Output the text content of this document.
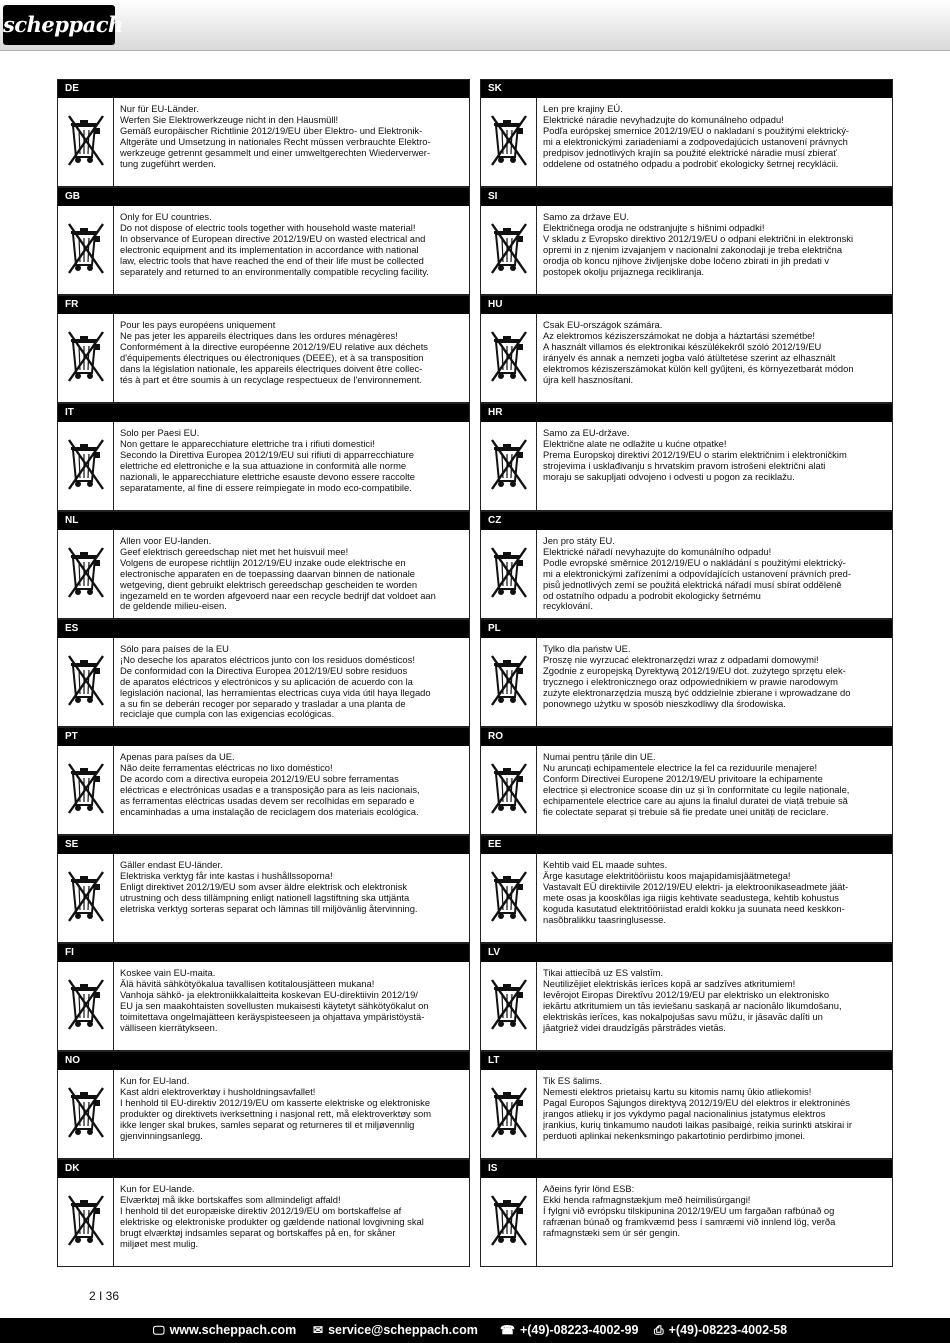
scheppach
DE
Nur für EU-Länder.
Werfen Sie Elektrowerkzeuge nicht in den Hausmüll!
Gemäß europäischer Richtlinie 2012/19/EU über Elektro- und Elektronik-
Altgeräte und Umsetzung in nationales Recht müssen verbrauchte Elektro-
werkzeuge getrennt gesammelt und einer umweltgerechten Wiederverwer-
tung zugeführt werden.
GB
Only for EU countries.
Do not dispose of electric tools together with household waste material!
In observance of European directive 2012/19/EU on wasted electrical and
electronic equipment and its implementation in accordance with national
law, electric tools that have reached the end of their life must be collected
separately and returned to an environmentally compatible recycling facility.
FR
Pour les pays européens uniquement
Ne pas jeter les appareils électriques dans les ordures ménagères!
Conformément à la directive européenne 2012/19/EU relative aux déchets
d'équipements électriques ou électroniques (DEEE), et à sa transposition
dans la législation nationale, les appareils électriques doivent être collec-
tés à part et être soumis à un recyclage respectueux de l'environnement.
IT
Solo per Paesi EU.
Non gettare le apparecchiature elettriche tra i rifiuti domestici!
Secondo la Direttiva Europea 2012/19/EU sui rifiuti di apparrecchiature
elettriche ed elettroniche e la sua attuazione in conformità alle norme
nazionali, le apparecchiature elettriche esauste devono essere raccolte
separatamente, al fine di essere reimpiegate in modo eco-compatibile.
NL
Allen voor EU-landen.
Geef elektrisch gereedschap niet met het huisvuil mee!
Volgens de europese richtlijn 2012/19/EU inzake oude elektrische en
electronische apparaten en de toepassing daarvan binnen de nationale
wetgeving, dient gebruikt elektrisch gereedschap gescheiden te worden
ingezameld en te worden afgevoerd naar een recycle bedrijf dat voldoet aan
de geldende milieu-eisen.
ES
Sólo para países de la EU
¡No deseche los aparatos eléctricos junto con los residuos domésticos!
De conformidad con la Directiva Europea 2012/19/EU sobre residuos
de aparatos eléctricos y electrónicos y su aplicación de acuerdo con la
legislación nacional, las herramientas electricas cuya vida útil haya llegado
a su fin se deberán recoger por separado y trasladar a una planta de
reciclaje que cumpla con las exigencias ecológicas.
PT
Apenas para países da UE.
Não deite ferramentas eléctricas no lixo doméstico!
De acordo com a directiva europeia 2012/19/EU sobre ferramentas
eléctricas e electrónicas usadas e a transposição para as leis nacionais,
as ferramentas eléctricas usadas devem ser recolhidas em separado e
encaminhadas a uma instalação de reciclagem dos materiais ecológica.
SE
Gäller endast EU-länder.
Elektriska verktyg får inte kastas i hushållssoporna!
Enligt direktivet 2012/19/EU som avser äldre elektrisk och elektronisk
utrustning och dess tillämpning enligt nationell lagstiftning ska uttjänta
eletriska verktyg sorteras separat och lämnas till miljövänlig återvinning.
FI
Koskee vain EU-maita.
Älä hävitä sähkötyökalua tavallisen kotitalousjätteen mukana!
Vanhoja sähkö- ja elektroniikkalaitteita koskevan EU-direktiivin 2012/19/
EU ja sen maakohtaisten sovellusten mukaisesti käytetyt sähkötyökalut on
toimitettava ongelmajätteen keräyspisteeseen ja ohjattava ympäristöystä-
välliseen kierrätykseen.
NO
Kun for EU-land.
Kast aldri elektroverktøy i husholdningsavfallet!
I henhold til EU-direktiv 2012/19/EU om kasserte elektriske og elektroniske
produkter og direktivets iverksettning i nasjonal rett, må elektroverktøy som
ikke lenger skal brukes, samles separat og returneres til et miljøvennlig
gjenvinningsanlegg.
DK
Kun for EU-lande.
Elværktøj må ikke bortskaffes som allmindeligt affald!
I henhold til det europæiske direktiv 2012/19/EU om bortskaffelse af
elektriske og elektroniske produkter og gældende national lovgivning skal
brugt elværktøj indsamles separat og bortskaffes på en, for skåner
miljøet mest mulig.
SK
Len pre krajiny EÚ.
Elektrické náradie nevyhadzujte do komunálneho odpadu!
Podľa európskej smernice 2012/19/EU o nakladaní s použitými elektrický-
mi a elektronickými zariadeniami a zodpovedajúcich ustanovení právnych
predpisov jednotlivých krajín sa použité elektrické náradie musí zbierať
oddelene od ostatného odpadu a podrobiť ekologicky šetrnej recyklácii.
SI
Samo za države EU.
Električnega orodja ne odstranjujte s hišnimi odpadki!
V skladu z Evropsko direktivo 2012/19/EU o odpani električni in elektronski
opremi in z njenim izvajanjem v nacionalni zakonodaji je treba električna
orodja ob koncu njihove življenjske dobe ločeno zbirati in jih predati v
postopek okolju prijaznega recikliranja.
HU
Csak EU-országok számára.
Az elektromos kéziszerszámokat ne dobja a háztartási szemétbe!
A használt villamos és elektronikai készülékekről szóló 2012/19/EU
irányelv és annak a nemzeti jogba való átültetése szerint az elhasznált
elektromos kéziszerszámokat külön kell gyűjteni, és környezetbarát módon
újra kell hasznosítani.
HR
Samo za EU-države.
Električne alate ne odlažite u kućne otpatke!
Prema Europskoj direktivi 2012/19/EU o starim električnim i elektroničkim
strojevima i usklađivanju s hrvatskim pravom istrošeni električni alati
moraju se sakupljati odvojeno i odvesti u pogon za reciklažu.
CZ
Jen pro státy EU.
Elektrické nářadí nevyhazujte do komunálního odpadu!
Podle evropské směrnice 2012/19/EU o nakládání s použitými elektrický-
mi a elektronickými zařízeními a odpovídajících ustanovení právních pred-
pisů jednotlivých zemí se použitá elektrická nářadí musí sbírat odděleně
od ostatního odpadu a podrobit ekologicky šetrnému
recyklování.
PL
Tylko dla państw UE.
Proszę nie wyrzucać elektronarzędzi wraz z odpadami domowymi!
Zgodnie z europejską Dyrektywą 2012/19/EU dot. zużytego sprzętu elek-
trycznego i elektronicznego oraz odpowiednikiem w prawie narodowym
zużyte elektronarzędzia muszą być oddzielnie zbierane i wprowadzane do
ponownego użytku w sposób nieszkodliwy dla środowiska.
RO
Numai pentru țările din UE.
Nu aruncați echipamentele electrice la fel ca reziduurile menajere!
Conform Directivei Europene 2012/19/EU privitoare la echipamente
electrice și electronice scoase din uz și în conformitate cu legile naționale,
echipamentele electrice care au ajuns la finalul duratei de viață trebuie să
fie colectate separat și trebuie să fie predate unei unități de reciclare.
EE
Kehtib vaid EL maade suhtes.
Ärge kasutage elektritööriistu koos majapidamisjäätmetega!
Vastavalt EÜ direktiivile 2012/19/EU elektri- ja elektroonikaseadmete jäät-
mete osas ja kooskõlas iga riigis kehtivate seadustega, kehtib kohustus
koguda kasutatud elektritööriistad eraldi kokku ja suunata need keskkon-
nasõbralikku taasringlusesse.
LV
Tikai attiecībā uz ES valstīm.
Neutilizējiet elektriskās ierīces kopā ar sadzīves atkritumiem!
Ievērojot Eiropas Direktīvu 2012/19/EU par elektrisko un elektronisko
iekārtu atkritumiem un tās ieviešanu saskaņā ar nacionālo likumdošanu,
elektriskās ierīces, kas nokalpojušas savu mūžu, ir jāsavāc dalīti un
jāatgriež videi draudzīgās pārstrādes vietās.
LT
Tik ES šalims.
Nemesti elektros prietaisų kartu su kitomis namų ūkio atliekomis!
Pagal Europos Sąjungos direktyvą 2012/19/EU dėl elektros ir elektroninės
įrangos atliekų ir jos vykdymo pagal nacionalinius įstatymus elektros
įrankius, kurių tinkamumo naudoti laikas pasibaigė, reikia surinkti atskirai ir
perduoti aplinkai nekenksmingo pakartotinio perdirbimo įmonei.
IS
Aðeins fyrir lönd ESB:
Ekki henda rafmagnstækjum með heimilisúrgangi!
Í fylgni við evrópsku tilskipunina 2012/19/EU um fargaðan rafbúnað og
rafrænan búnað og framkvæmd þess í samræmi við innlend lög, verða
rafmagnstæki sem úr sér gengin.
2 I 36
🖵 www.scheppach.com ✉ service@scheppach.com ☎ +(49)-08223-4002-99 ⎙ +(49)-08223-4002-58
